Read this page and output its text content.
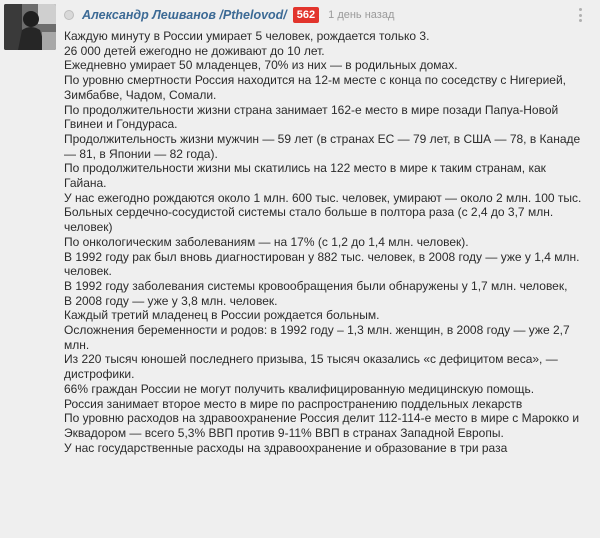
Александр Лешванов /Pthelovod/ 562	1 день назад

Каждую минуту в России умирает 5 человек, рождается только 3.

26 000 детей ежегодно не доживают до 10 лет.

Ежедневно умирает 50 младенцев, 70% из них — в родильных домах.

По уровню смертности Россия находится на 12-м месте с конца по соседству с Нигерией, Зимбабве, Чадом, Сомали.

По продолжительности жизни страна занимает 162-е место в мире позади Папуа-Новой Гвинеи и Гондураса.

Продолжительность жизни мужчин — 59 лет (в странах ЕС — 79 лет, в США — 78, в Канаде — 81, в Японии — 82 года).

По продолжительности жизни мы скатились на 122 место в мире к таким странам, как Гайана.

У нас ежегодно рождаются около 1 млн. 600 тыс. человек, умирают — около 2 млн. 100 тыс.

Больных сердечно-сосудистой системы стало больше в полтора раза (с 2,4 до 3,7 млн. человек)

По онкологическим заболеваниям — на 17% (с 1,2 до 1,4 млн. человек).

В 1992 году рак был вновь диагностирован у 882 тыс. человек, в 2008 году — уже у 1,4 млн. человек.

В 1992 году заболевания системы кровообращения были обнаружены у 1,7 млн. человек,

В 2008 году — уже у 3,8 млн. человек.

Каждый третий младенец в России рождается больным.

Осложнения беременности и родов: в 1992 году – 1,3 млн. женщин, в 2008 году — уже 2,7 млн.

Из 220 тысяч юношей последнего призыва, 15 тысяч оказались «с дефицитом веса», — дистрофики.

66% граждан России не могут получить квалифицированную медицинскую помощь.

Россия занимает второе место в мире по распространению поддельных лекарств

По уровню расходов на здравоохранение Россия делит 112-114-е место в мире с Марокко и Эквадором — всего 5,3% ВВП против 9-11% ВВП в странах Западной Европы.

У нас государственные расходы на здравоохранение и образование в три раза
